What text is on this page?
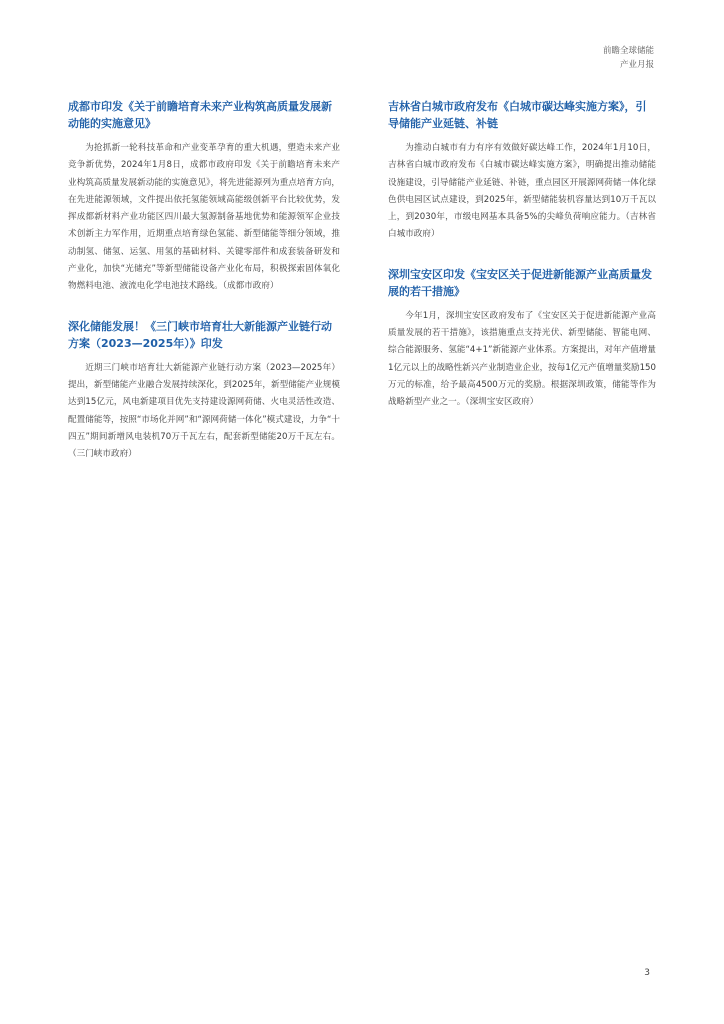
前瞻全球储能
产业月报
成都市印发《关于前瞻培育未来产业构筑高质量发展新动能的实施意见》

为抢抓新一轮科技革命和产业变革孕育的重大机遇，塑造未来产业竞争新优势，2024年1月8日，成都市政府印发《关于前瞻培育未来产业构筑高质量发展新动能的实施意见》，将先进能源列为重点培育方向，在先进能源领域，文件提出依托氢能领域高能级创新平台比较优势，发挥成都新材料产业功能区四川最大氢源制备基地优势和能源领军企业技术创新主力军作用，近期重点培育绿色氢能、新型储能等细分领域，推动制氢、储氢、运氢、用氢的基础材料、关键零部件和成套装备研发和产业化，加快“光储充”等新型储能设备产业化布局，积极探索固体氧化物燃料电池、液流电化学电池技术路线。（成都市政府）

深化储能发展！《三门峡市培育壮大新能源产业链行动方案（2023—2025年）》印发

近期三门峡市培育壮大新能源产业链行动方案（2023—2025年）提出，新型储能产业融合发展持续深化，到2025年，新型储能产业规模达到15亿元，风电新建项目优先支持建设源网荷储、火电灵活性改造、配置储能等，按照“市场化并网”和“源网荷储一体化”模式建设，力争“十四五”期间新增风电装机70万千瓦左右，配套新型储能20万千瓦左右。（三门峡市政府）

吉林省白城市政府发布《白城市碳达峰实施方案》，引导储能产业延链、补链

为推动白城市有力有序有效做好碳达峰工作，2024年1月10日，吉林省白城市政府发布《白城市碳达峰实施方案》，明确提出推动储能设施建设，引导储能产业延链、补链，重点园区开展源网荷储一体化绿色供电园区试点建设，到2025年，新型储能装机容量达到10万千瓦以上，到2030年，市级电网基本具备5%的尖峰负荷响应能力。（吉林省白城市政府）

深圳宝安区印发《宝安区关于促进新能源产业高质量发展的若干措施》

今年1月，深圳宝安区政府发布了《宝安区关于促进新能源产业高质量发展的若干措施》，该措施重点支持光伏、新型储能、智能电网、综合能源服务、氢能“4+1”新能源产业体系。方案提出，对年产值增量1亿元以上的战略性新兴产业制造业企业，按每1亿元产值增量奖励150万元的标准，给予最高4500万元的奖励。根据深圳政策，储能等作为战略新型产业之一。（深圳宝安区政府）

3
